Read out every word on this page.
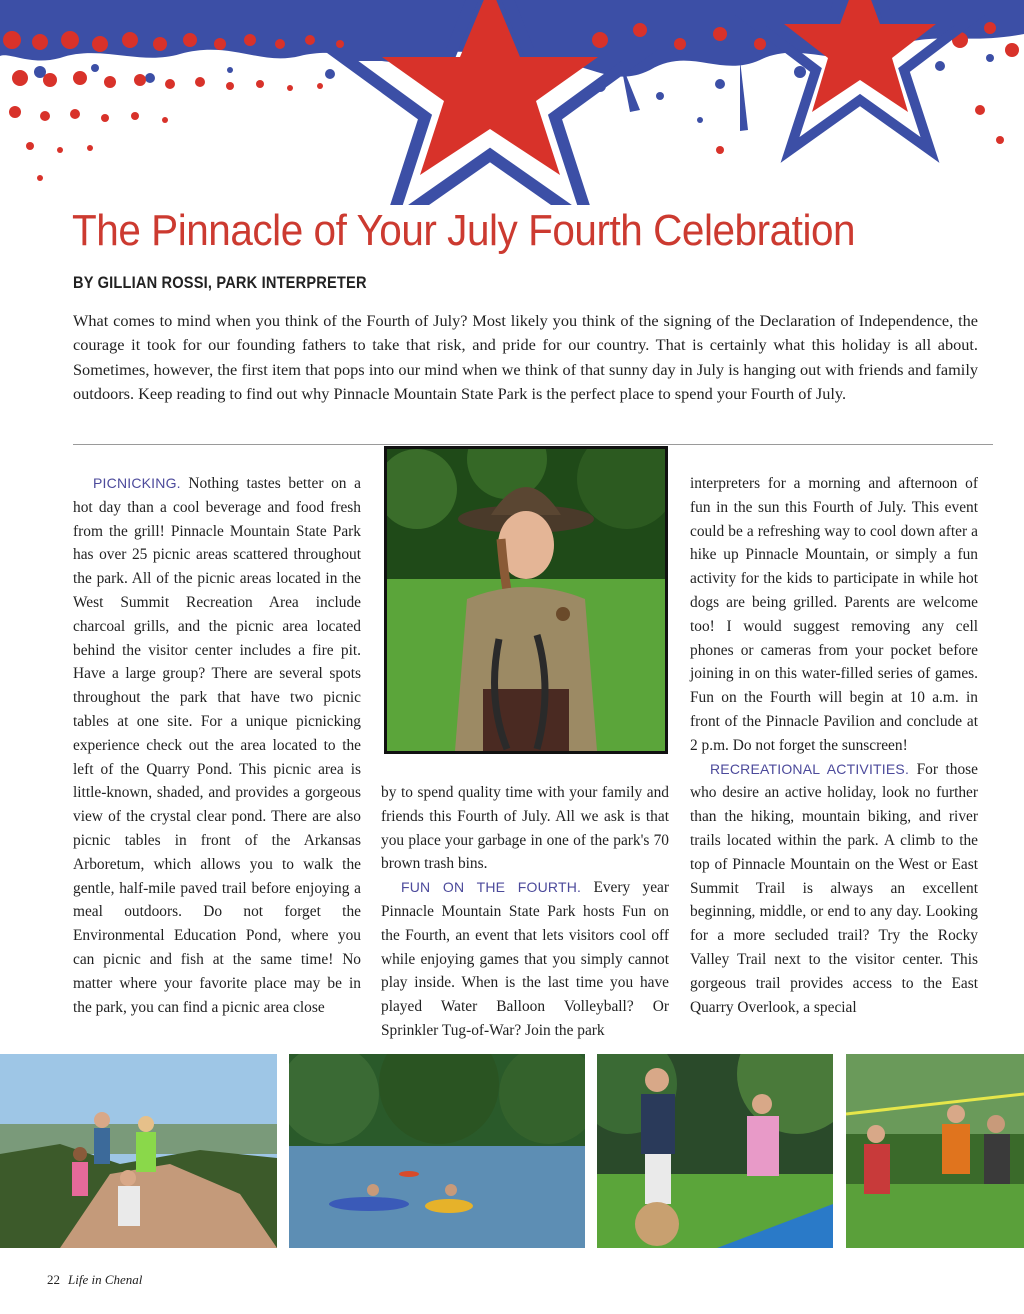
The Pinnacle of Your July Fourth Celebration
BY GILLIAN ROSSI, PARK INTERPRETER

What comes to mind when you think of the Fourth of July? Most likely you think of the signing of the Declaration of Independence, the courage it took for our founding fathers to take that risk, and pride for our country. That is certainly what this holiday is all about. Sometimes, however, the first item that pops into our mind when we think of that sunny day in July is hanging out with friends and family outdoors. Keep reading to find out why Pinnacle Mountain State Park is the perfect place to spend your Fourth of July.

PICNICKING. Nothing tastes better on a hot day than a cool beverage and food fresh from the grill! Pinnacle Mountain State Park has over 25 picnic areas scattered throughout the park. All of the picnic areas located in the West Summit Recreation Area include charcoal grills, and the picnic area located behind the visitor center includes a fire pit. Have a large group? There are several spots throughout the park that have two picnic tables at one site. For a unique picnicking experience check out the area located to the left of the Quarry Pond. This picnic area is little-known, shaded, and provides a gorgeous view of the crystal clear pond. There are also picnic tables in front of the Arkansas Arboretum, which allows you to walk the gentle, half-mile paved trail before enjoying a meal outdoors. Do not forget the Environmental Education Pond, where you can picnic and fish at the same time! No matter where your favorite place may be in the park, you can find a picnic area close

by to spend quality time with your family and friends this Fourth of July. All we ask is that you place your garbage in one of the park's 70 brown trash bins.

FUN ON THE FOURTH. Every year Pinnacle Mountain State Park hosts Fun on the Fourth, an event that lets visitors cool off while enjoying games that you simply cannot play inside. When is the last time you have played Water Balloon Volleyball? Or Sprinkler Tug-of-War? Join the park

interpreters for a morning and afternoon of fun in the sun this Fourth of July. This event could be a refreshing way to cool down after a hike up Pinnacle Mountain, or simply a fun activity for the kids to participate in while hot dogs are being grilled. Parents are welcome too! I would suggest removing any cell phones or cameras from your pocket before joining in on this water-filled series of games. Fun on the Fourth will begin at 10 a.m. in front of the Pinnacle Pavilion and conclude at 2 p.m. Do not forget the sunscreen!

RECREATIONAL ACTIVITIES. For those who desire an active holiday, look no further than the hiking, mountain biking, and river trails located within the park. A climb to the top of Pinnacle Mountain on the West or East Summit Trail is always an excellent beginning, middle, or end to any day. Looking for a more secluded trail? Try the Rocky Valley Trail next to the visitor center. This gorgeous trail provides access to the East Quarry Overlook, a special

22 Life in Chenal
